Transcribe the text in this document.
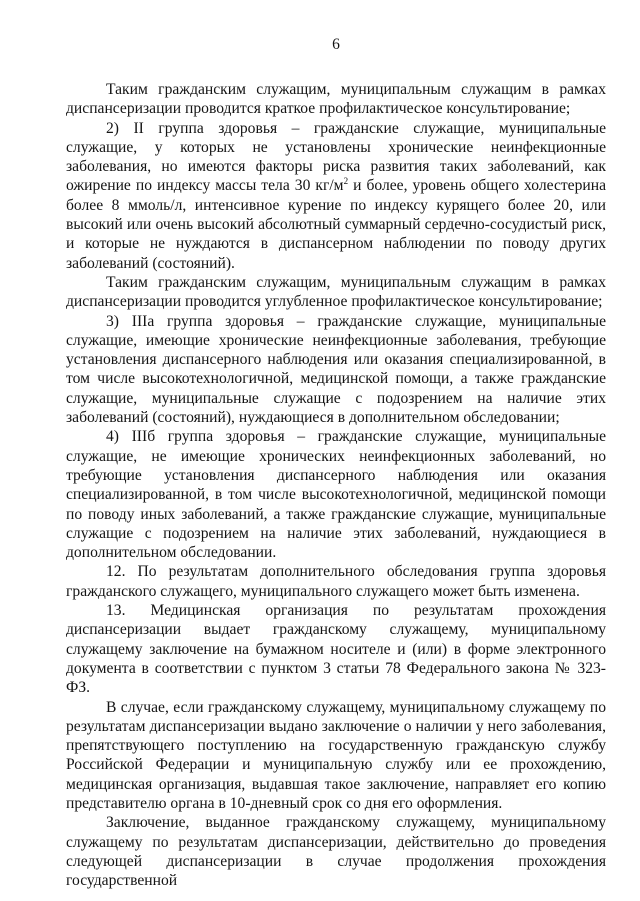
6

Таким гражданским служащим, муниципальным служащим в рамках диспансеризации проводится краткое профилактическое консультирование;

2) II группа здоровья – гражданские служащие, муниципальные служащие, у которых не установлены хронические неинфекционные заболевания, но имеются факторы риска развития таких заболеваний, как ожирение по индексу массы тела 30 $кг/м^2$ и более, уровень общего холестерина более 8 ммоль/л, интенсивное курение по индексу курящего более 20, или высокий или очень высокий абсолютный суммарный сердечно-сосудистый риск, и которые не нуждаются в диспансерном наблюдении по поводу других заболеваний (состояний).

Таким гражданским служащим, муниципальным служащим в рамках диспансеризации проводится углубленное профилактическое консультирование;

3) IIIа группа здоровья – гражданские служащие, муниципальные служащие, имеющие хронические неинфекционные заболевания, требующие установления диспансерного наблюдения или оказания специализированной, в том числе высокотехнологичной, медицинской помощи, а также гражданские служащие, муниципальные служащие с подозрением на наличие этих заболеваний (состояний), нуждающиеся в дополнительном обследовании;

4) IIIб группа здоровья – гражданские служащие, муниципальные служащие, не имеющие хронических неинфекционных заболеваний, но требующие установления диспансерного наблюдения или оказания специализированной, в том числе высокотехнологичной, медицинской помощи по поводу иных заболеваний, а также гражданские служащие, муниципальные служащие с подозрением на наличие этих заболеваний, нуждающиеся в дополнительном обследовании.

12. По результатам дополнительного обследования группа здоровья гражданского служащего, муниципального служащего может быть изменена.

13. Медицинская организация по результатам прохождения диспансеризации выдает гражданскому служащему, муниципальному служащему заключение на бумажном носителе и (или) в форме электронного документа в соответствии с пунктом 3 статьи 78 Федерального закона № 323-ФЗ.

В случае, если гражданскому служащему, муниципальному служащему по результатам диспансеризации выдано заключение о наличии у него заболевания, препятствующего поступлению на государственную гражданскую службу Российской Федерации и муниципальную службу или ее прохождению, медицинская организация, выдавшая такое заключение, направляет его копию представителю органа в 10-дневный срок со дня его оформления.

Заключение, выданное гражданскому служащему, муниципальному служащему по результатам диспансеризации, действительно до проведения следующей диспансеризации в случае продолжения прохождения государственной
